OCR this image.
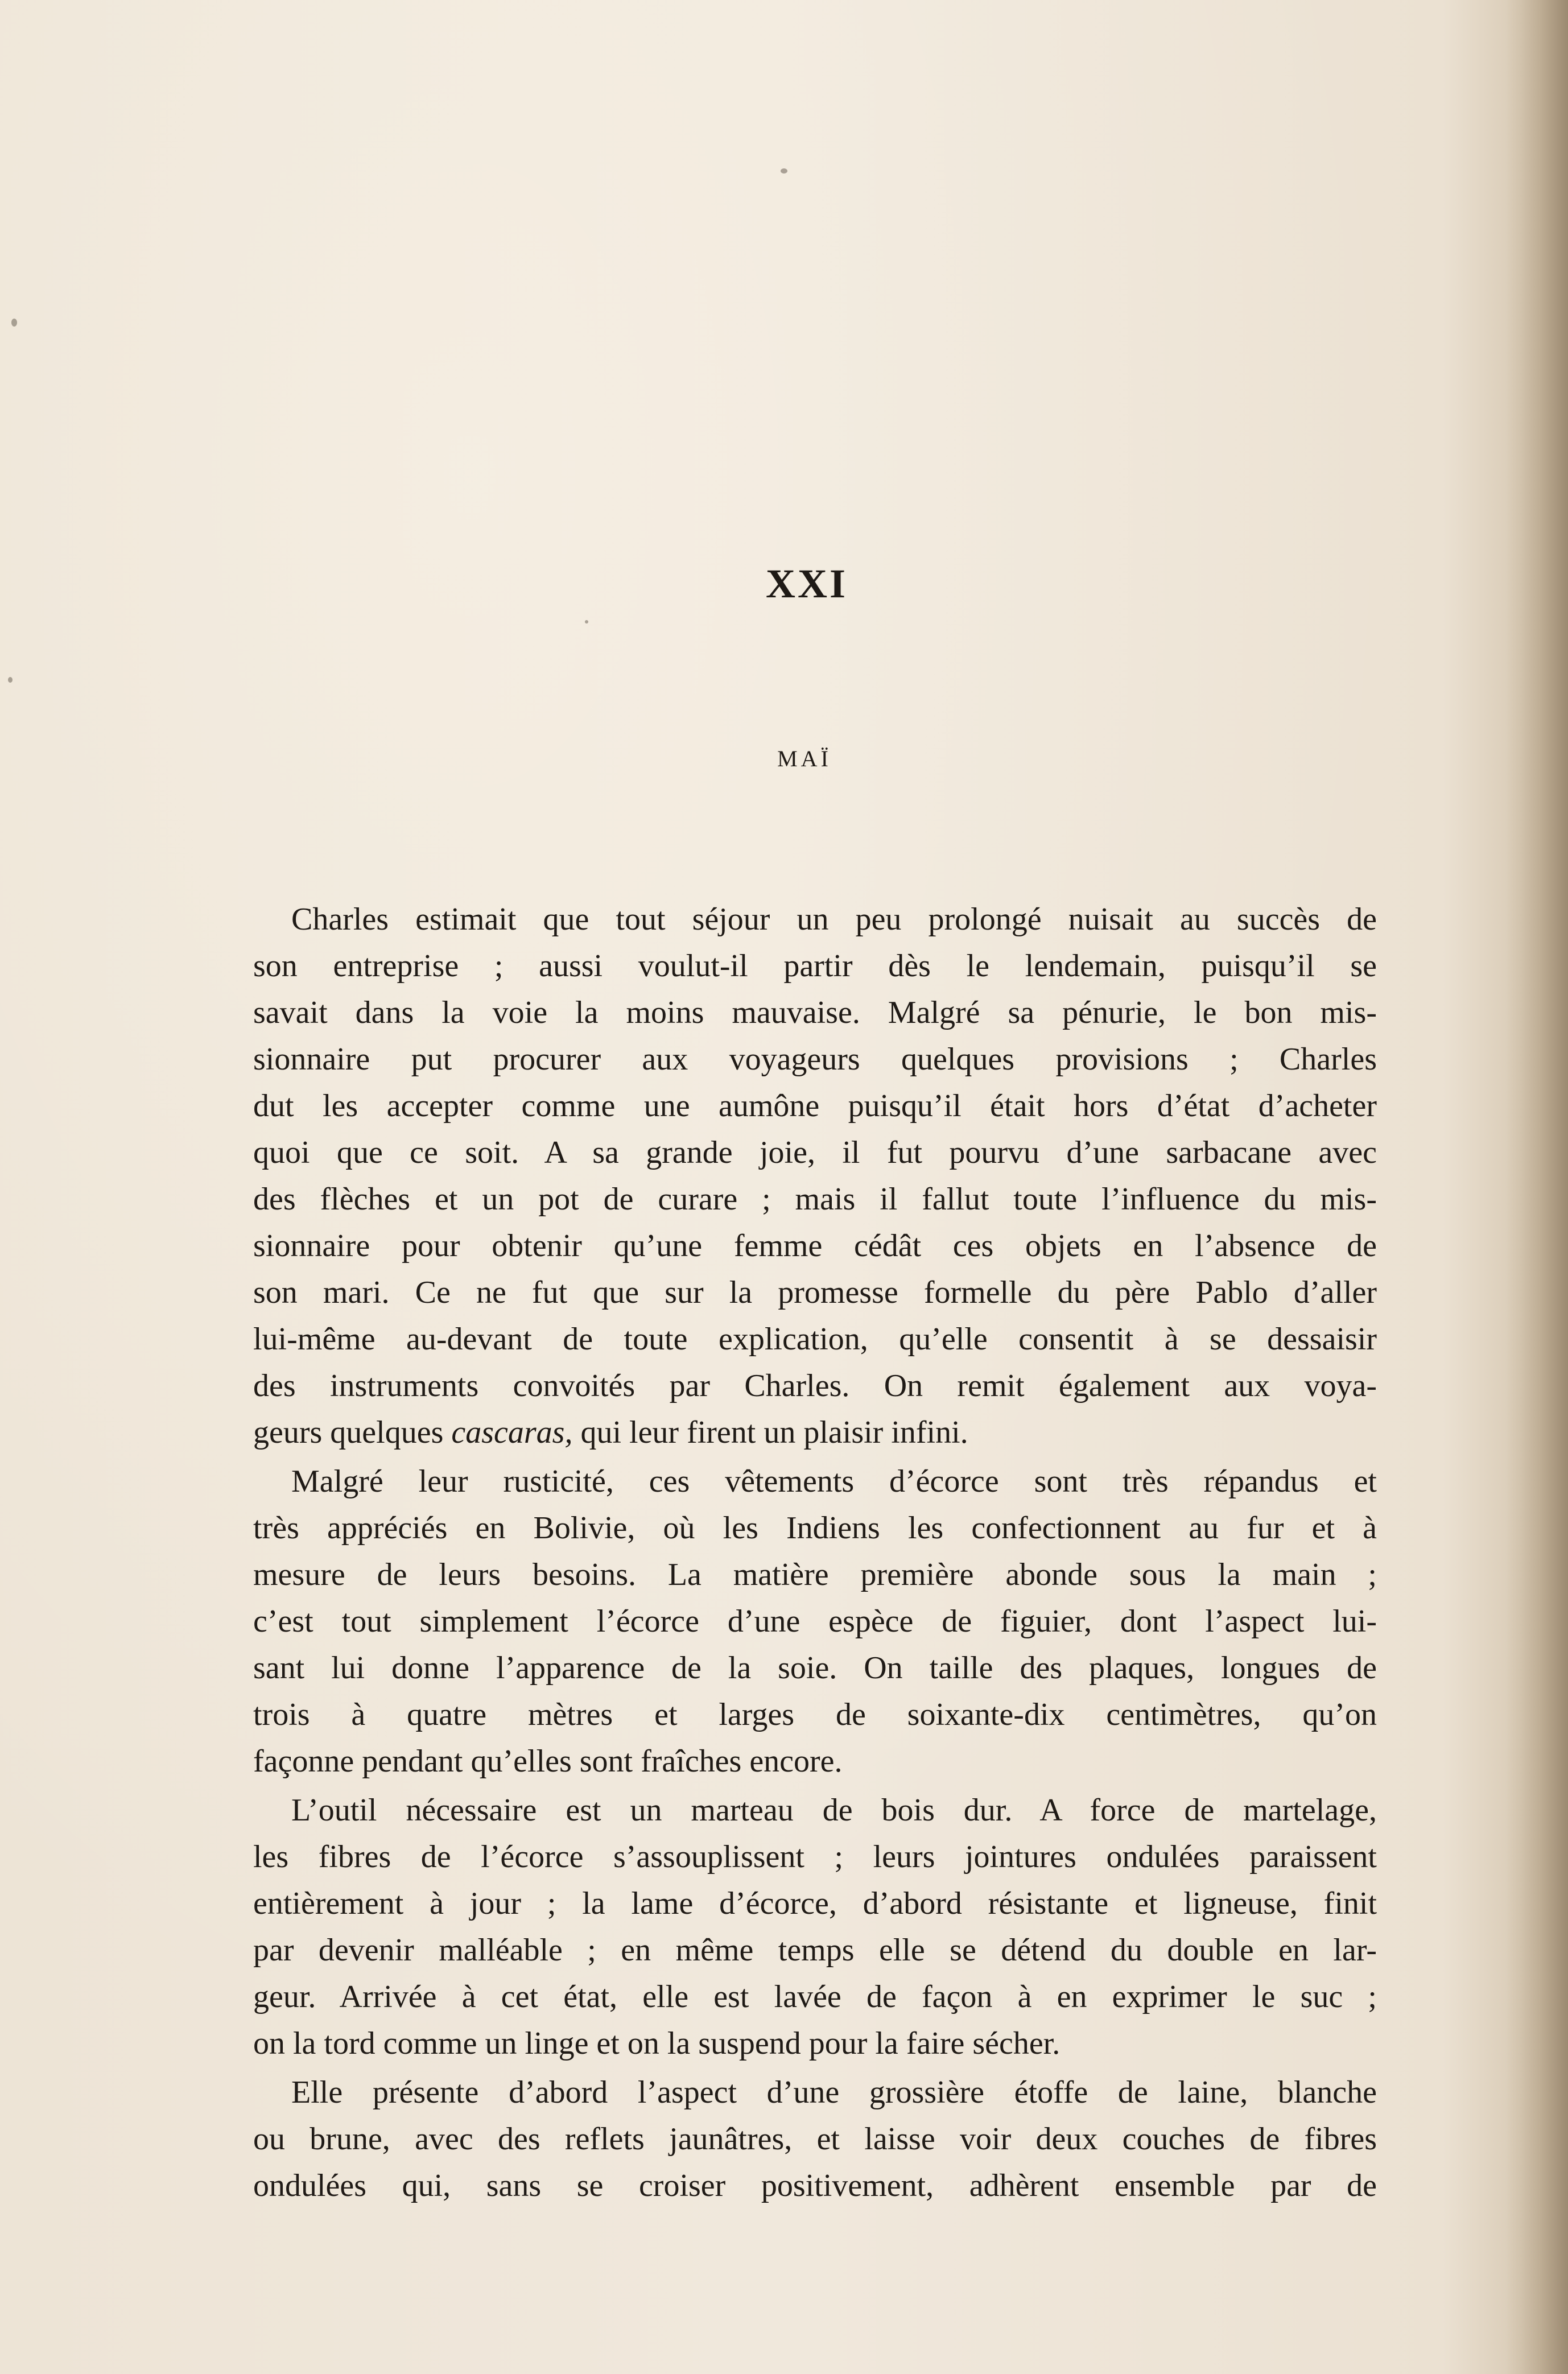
XXI
MAÏ
Charles estimait que tout séjour un peu prolongé nuisait au succès de
son entreprise ; aussi voulut-il partir dès le lendemain, puisqu’il se
savait dans la voie la moins mauvaise. Malgré sa pénurie, le bon mis-
sionnaire put procurer aux voyageurs quelques provisions ; Charles
dut les accepter comme une aumône puisqu’il était hors d’état d’acheter
quoi que ce soit. A sa grande joie, il fut pourvu d’une sarbacane avec
des flèches et un pot de curare ; mais il fallut toute l’influence du mis-
sionnaire pour obtenir qu’une femme cédât ces objets en l’absence de
son mari. Ce ne fut que sur la promesse formelle du père Pablo d’aller
lui-même au-devant de toute explication, qu’elle consentit à se dessaisir
des instruments convoités par Charles. On remit également aux voya-
geurs quelques cascaras, qui leur firent un plaisir infini.
Malgré leur rusticité, ces vêtements d’écorce sont très répandus et
très appréciés en Bolivie, où les Indiens les confectionnent au fur et à
mesure de leurs besoins. La matière première abonde sous la main ;
c’est tout simplement l’écorce d’une espèce de figuier, dont l’aspect lui-
sant lui donne l’apparence de la soie. On taille des plaques, longues de
trois à quatre mètres et larges de soixante-dix centimètres, qu’on
façonne pendant qu’elles sont fraîches encore.
L’outil nécessaire est un marteau de bois dur. A force de martelage,
les fibres de l’écorce s’assouplissent ; leurs jointures ondulées paraissent
entièrement à jour ; la lame d’écorce, d’abord résistante et ligneuse, finit
par devenir malléable ; en même temps elle se détend du double en lar-
geur. Arrivée à cet état, elle est lavée de façon à en exprimer le suc ;
on la tord comme un linge et on la suspend pour la faire sécher.
Elle présente d’abord l’aspect d’une grossière étoffe de laine, blanche
ou brune, avec des reflets jaunâtres, et laisse voir deux couches de fibres
ondulées qui, sans se croiser positivement, adhèrent ensemble par de
